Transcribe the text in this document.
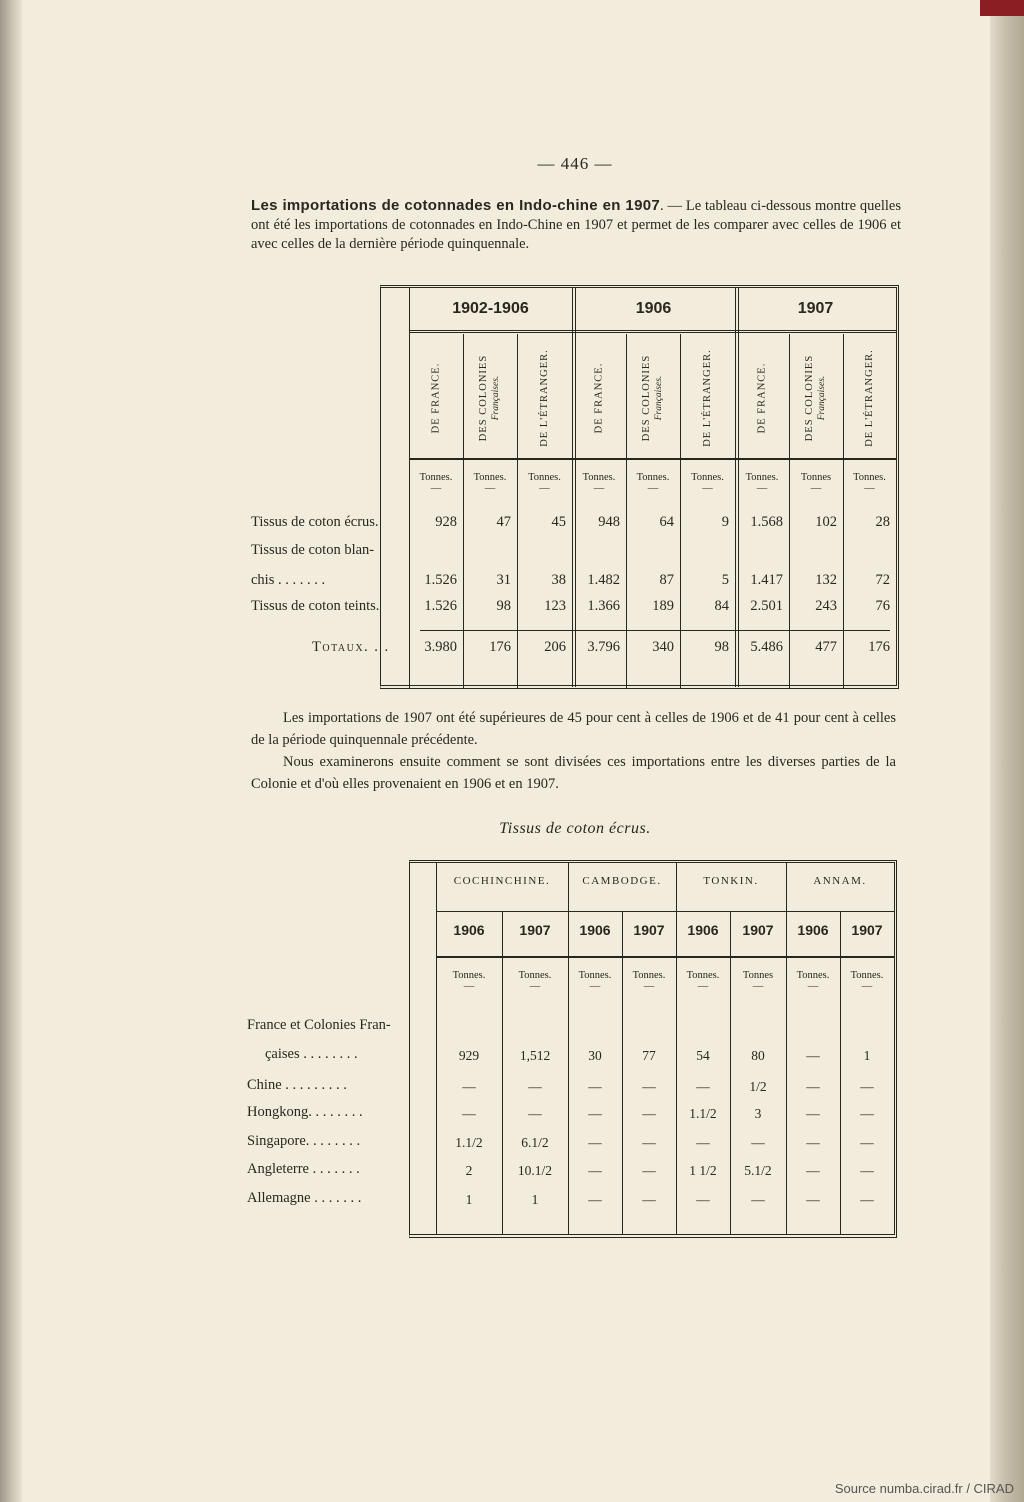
— 446 —
Les importations de cotonnades en Indo-chine en 1907. — Le tableau ci-dessous montre quelles ont été les importations de cotonnades en Indo-Chine en 1907 et permet de les comparer avec celles de 1906 et avec celles de la dernière période quinquennale.
1902-1906	1906	1907
DE FRANCE.	DES COLONIES Françaises.	DE L'ÉTRANGER.	DE FRANCE.	DES COLONIES Françaises.	DE L'ÉTRANGER.	DE FRANCE.	DES COLONIES Françaises.	DE L'ÉTRANGER.
Tonnes. —	Tonnes. —	Tonnes. —	Tonnes. —	Tonnes. —	Tonnes. —	Tonnes. —	Tonnes —	Tonnes. —
Tissus de coton écrus.	928	47	45	948	64	9	1.568	102	28
Tissus de coton blan-
chis . . . . . . .	1.526	31	38	1.482	87	5	1.417	132	72
Tissus de coton teints.	1.526	98	123	1.366	189	84	2.501	243	76
Totaux. . .	3.980	176	206	3.796	340	98	5.486	477	176
Les importations de 1907 ont été supérieures de 45 pour cent à celles de 1906 et de 41 pour cent à celles de la période quinquennale précédente.
Nous examinerons ensuite comment se sont divisées ces importations entre les diverses parties de la Colonie et d'où elles provenaient en 1906 et en 1907.
Tissus de coton écrus.
COCHINCHINE.	CAMBODGE.	TONKIN.	ANNAM.
1906	1907	1906	1907	1906	1907	1906	1907
Tonnes. —	Tonnes. —	Tonnes. —	Tonnes. —	Tonnes. —	Tonnes —	Tonnes. —	Tonnes. —
France et Colonies Fran-
çaises . . . . . . . .	929	1,512	30	77	54	80	—	1
Chine . . . . . . . . .	—	—	—	—	—	1/2	—	—
Hongkong. . . . . . . .	—	—	—	—	1.1/2	3	—	—
Singapore. . . . . . . .	1.1/2	6.1/2	—	—	—	—	—	—
Angleterre . . . . . . .	2	10.1/2	—	—	1 1/2	5.1/2	—	—
Allemagne . . . . . . .	1	1	—	—	—	—	—	—
Source numba.cirad.fr / CIRAD
